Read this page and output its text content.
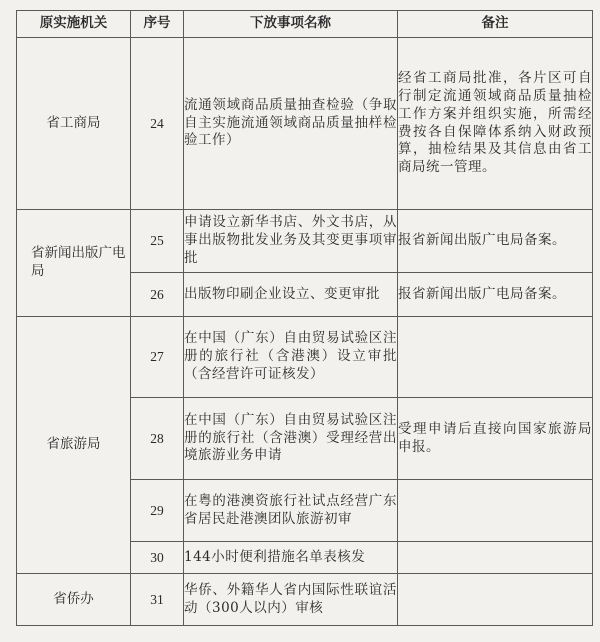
原实施机关	序号	下放事项名称	备注
省工商局	24	流通领域商品质量抽查检验（争取自主实施流通领域商品质量抽样检验工作）	经省工商局批准，各片区可自行制定流通领域商品质量抽检工作方案并组织实施，所需经费按各自保障体系纳入财政预算，抽检结果及其信息由省工商局统一管理。
省新闻出版广电局	25	申请设立新华书店、外文书店，从事出版物批发业务及其变更事项审批	报省新闻出版广电局备案。
	26	出版物印刷企业设立、变更审批	报省新闻出版广电局备案。
省旅游局	27	在中国（广东）自由贸易试验区注册的旅行社（含港澳）设立审批（含经营许可证核发）	
	28	在中国（广东）自由贸易试验区注册的旅行社（含港澳）受理经营出境旅游业务申请	受理申请后直接向国家旅游局申报。
	29	在粤的港澳资旅行社试点经营广东省居民赴港澳团队旅游初审	
	30	144小时便利措施名单表核发	
省侨办	31	华侨、外籍华人省内国际性联谊活动（300人以内）审核	
